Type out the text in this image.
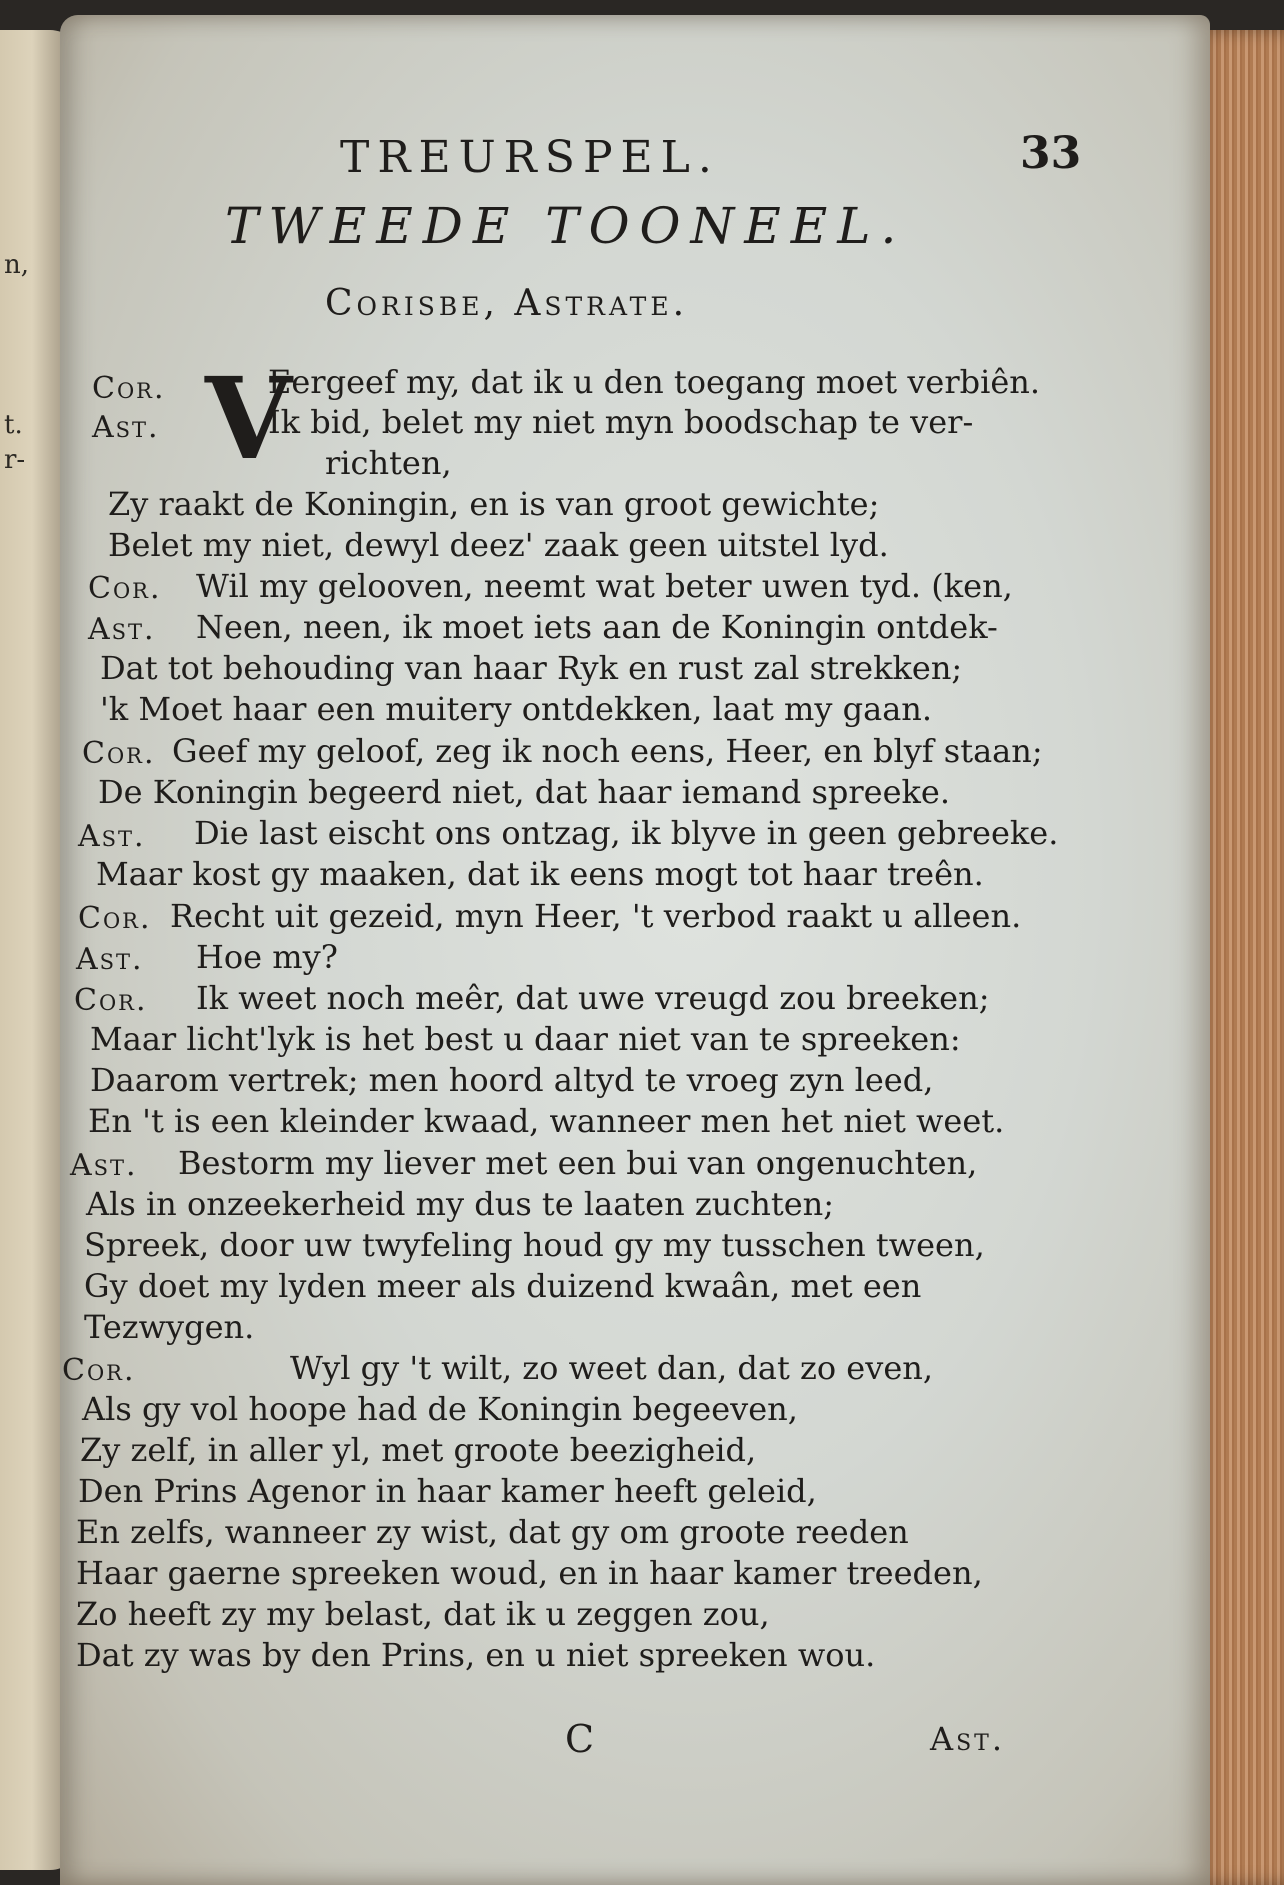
n,
t.
r-
TREURSPEL.	33
TWEEDE TOONEEL.
Corisbe, Astrate.
V
Cor.	Eergeef my, dat ik u den toegang moet verbiên.
Ast.	Ik bid, belet my niet myn boodschap te ver-
richten,
Zy raakt de Koningin, en is van groot gewichte;
Belet my niet, dewyl deez' zaak geen uitstel lyd.
Cor. Wil my gelooven, neemt wat beter uwen tyd. (ken,
Ast. Neen, neen, ik moet iets aan de Koningin ontdek-
Dat tot behouding van haar Ryk en rust zal strekken;
'k Moet haar een muitery ontdekken, laat my gaan.
Cor. Geef my geloof, zeg ik noch eens, Heer, en blyf staan;
De Koningin begeerd niet, dat haar iemand spreeke.
Ast. Die last eischt ons ontzag, ik blyve in geen gebreeke.
Maar kost gy maaken, dat ik eens mogt tot haar treên.
Cor. Recht uit gezeid, myn Heer, 't verbod raakt u alleen.
Ast. Hoe my?
Cor. Ik weet noch meêr, dat uwe vreugd zou breeken;
Maar licht'lyk is het best u daar niet van te spreeken:
Daarom vertrek; men hoord altyd te vroeg zyn leed,
En 't is een kleinder kwaad, wanneer men het niet weet.
Ast. Bestorm my liever met een bui van ongenuchten,
Als in onzeekerheid my dus te laaten zuchten;
Spreek, door uw twyfeling houd gy my tusschen tween,
Gy doet my lyden meer als duizend kwaân, met een
Tezwygen.
Cor.	Wyl gy 't wilt, zo weet dan, dat zo even,
Als gy vol hoope had de Koningin begeeven,
Zy zelf, in aller yl, met groote beezigheid,
Den Prins Agenor in haar kamer heeft geleid,
En zelfs, wanneer zy wist, dat gy om groote reeden
Haar gaerne spreeken woud, en in haar kamer treeden,
Zo heeft zy my belast, dat ik u zeggen zou,
Dat zy was by den Prins, en u niet spreeken wou.
C	Ast.
